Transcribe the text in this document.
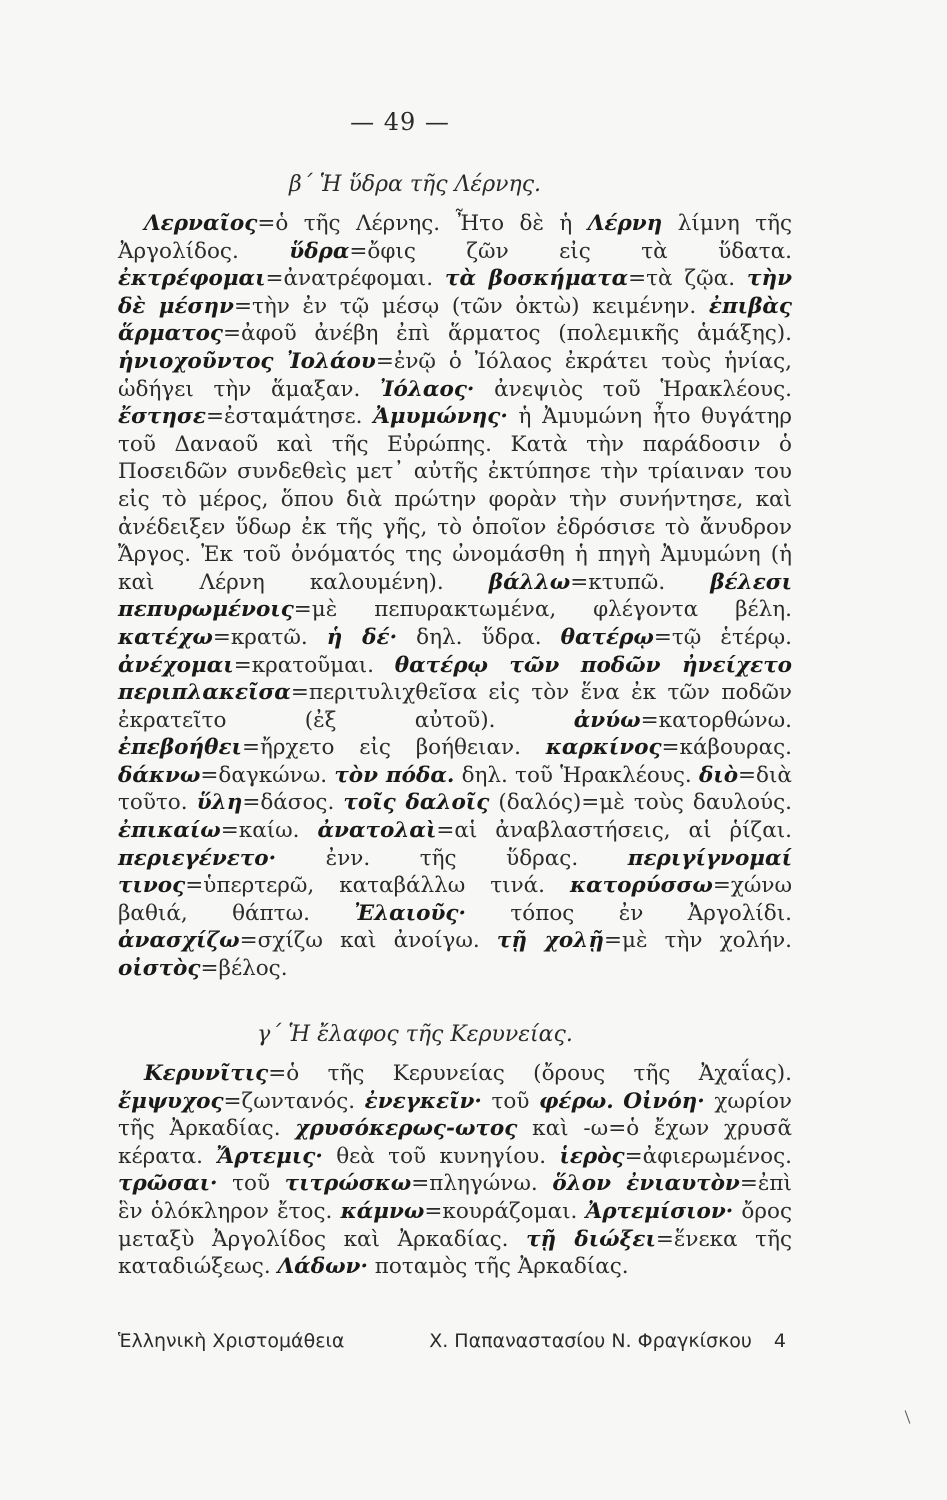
— 49 —
β´ Ἡ ὕδρα τῆς Λέρνης.
Λερναῖος=ὁ τῆς Λέρνης. Ἦτο δὲ ἡ Λέρνη λίμνη τῆς Ἀργολίδος. ὕδρα=ὄφις ζῶν εἰς τὰ ὕδατα. ἐκτρέφομαι=ἀνατρέφομαι. τὰ βοσκήματα=τὰ ζῷα. τὴν δὲ μέσην=τὴν ἐν τῷ μέσῳ (τῶν ὀκτὼ) κειμένην. ἐπιβὰς ἅρματος=ἀφοῦ ἀνέβη ἐπὶ ἅρματος (πολεμικῆς ἁμάξης). ἡνιοχοῦντος Ἰολάου=ἐνῷ ὁ Ἰόλαος ἐκράτει τοὺς ἡνίας, ὡδήγει τὴν ἅμαξαν. Ἰόλαος· ἀνεψιὸς τοῦ Ἡρακλέους. ἔστησε=ἐσταμάτησε. Ἀμυμώνης· ἡ Ἀμυμώνη ἦτο θυγάτηρ τοῦ Δαναοῦ καὶ τῆς Εὐρώπης. Κατὰ τὴν παράδοσιν ὁ Ποσειδῶν συνδεθεὶς μετ᾿ αὐτῆς ἐκτύπησε τὴν τρίαιναν του εἰς τὸ μέρος, ὅπου διὰ πρώτην φορὰν τὴν συνήντησε, καὶ ἀνέδειξεν ὕδωρ ἐκ τῆς γῆς, τὸ ὁποῖον ἐδρόσισε τὸ ἄνυδρον Ἄργος. Ἐκ τοῦ ὀνόματός της ὠνομάσθη ἡ πηγὴ Ἀμυμώνη (ἡ καὶ Λέρνη καλουμένη). βάλλω=κτυπῶ. βέλεσι πεπυρωμένοις=μὲ πεπυρακτωμένα, φλέγοντα βέλη. κατέχω=κρατῶ. ἡ δέ· δηλ. ὕδρα. θατέρῳ=τῷ ἑτέρῳ. ἀνέχομαι=κρατοῦμαι. θατέρῳ τῶν ποδῶν ἠνείχετο περιπλακεῖσα=περιτυλιχθεῖσα εἰς τὸν ἕνα ἐκ τῶν ποδῶν ἐκρατεῖτο (ἐξ αὐτοῦ). ἀνύω=κατορθώνω. ἐπεβοήθει=ἤρχετο εἰς βοήθειαν. καρκίνος=κάβουρας. δάκνω=δαγκώνω. τὸν πόδα. δηλ. τοῦ Ἡρακλέους. διὸ=διὰ τοῦτο. ὕλη=δάσος. τοῖς δαλοῖς (δαλός)=μὲ τοὺς δαυλούς. ἐπικαίω=καίω. ἀνατολαὶ=αἱ ἀναβλαστήσεις, αἱ ῥίζαι. περιεγένετο· ἐνν. τῆς ὕδρας. περιγίγνομαί τινος=ὑπερτερῶ, καταβάλλω τινά. κατορύσσω=χώνω βαθιά, θάπτω. Ἐλαιοῦς· τόπος ἐν Ἀργολίδι. ἀνασχίζω=σχίζω καὶ ἀνοίγω. τῇ χολῇ=μὲ τὴν χολήν. οἰστὸς=βέλος.
γ´ Ἡ ἔλαφος τῆς Κερυνείας.
Κερυνῖτις=ὁ τῆς Κερυνείας (ὄρους τῆς Ἀχαΐας). ἔμψυχος=ζωντανός. ἐνεγκεῖν· τοῦ φέρω. Οἰνόη· χωρίον τῆς Ἀρκαδίας. χρυσόκερως-ωτος καὶ -ω=ὁ ἔχων χρυσᾶ κέρατα. Ἄρτεμις· θεὰ τοῦ κυνηγίου. ἱερὸς=ἀφιερωμένος. τρῶσαι· τοῦ τιτρώσκω=πληγώνω. ὅλον ἐνιαυτὸν=ἐπὶ ἓν ὁλόκληρον ἔτος. κάμνω=κουράζομαι. Ἀρτεμίσιον· ὄρος μεταξὺ Ἀργολίδος καὶ Ἀρκαδίας. τῇ διώξει=ἕνεκα τῆς καταδιώξεως. Λάδων· ποταμὸς τῆς Ἀρκαδίας.
Ἑλληνικὴ Χριστομάθεια	Χ. Παπαναστασίου Ν. Φραγκίσκου 4
